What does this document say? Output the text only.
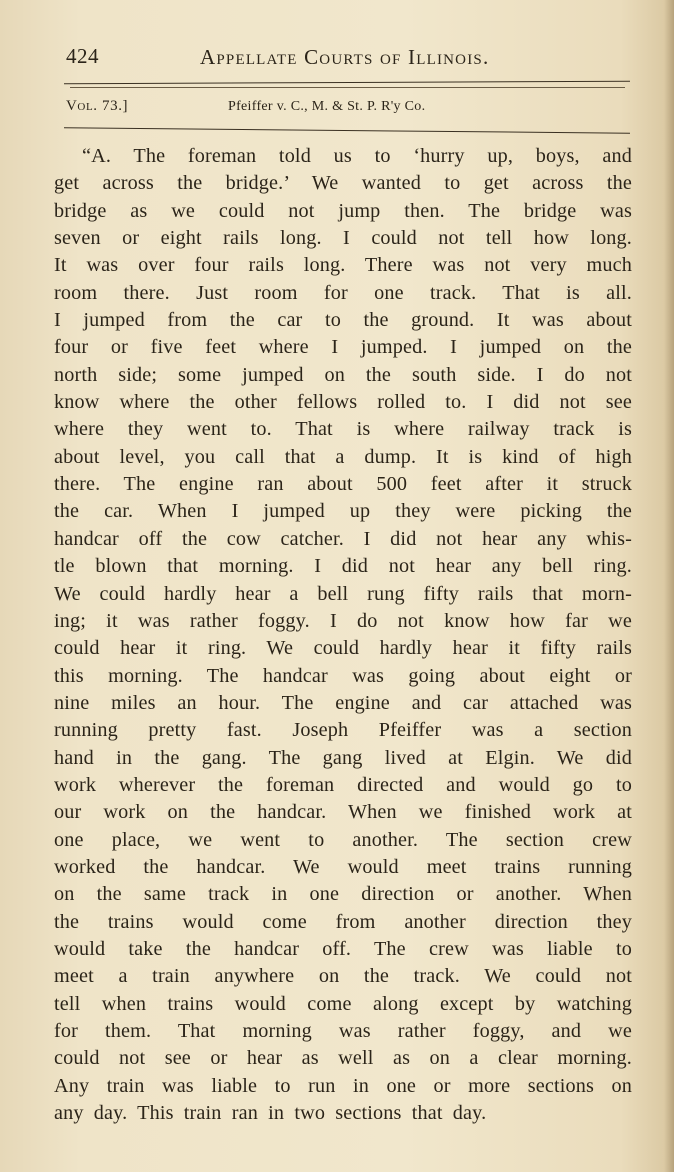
424	Appellate Courts of Illinois.
Vol. 73.]	Pfeiffer v. C., M. & St. P. R'y Co.
“A. The foreman told us to ‘hurry up, boys, and
get across the bridge.’ We wanted to get across the
bridge as we could not jump then. The bridge was
seven or eight rails long. I could not tell how long.
It was over four rails long. There was not very much
room there. Just room for one track. That is all.
I jumped from the car to the ground. It was about
four or five feet where I jumped. I jumped on the
north side; some jumped on the south side. I do not
know where the other fellows rolled to. I did not see
where they went to. That is where railway track is
about level, you call that a dump. It is kind of high
there. The engine ran about 500 feet after it struck
the car. When I jumped up they were picking the
handcar off the cow catcher. I did not hear any whis-
tle blown that morning. I did not hear any bell ring.
We could hardly hear a bell rung fifty rails that morn-
ing; it was rather foggy. I do not know how far we
could hear it ring. We could hardly hear it fifty rails
this morning. The handcar was going about eight or
nine miles an hour. The engine and car attached was
running pretty fast. Joseph Pfeiffer was a section
hand in the gang. The gang lived at Elgin. We did
work wherever the foreman directed and would go to
our work on the handcar. When we finished work at
one place, we went to another. The section crew
worked the handcar. We would meet trains running
on the same track in one direction or another. When
the trains would come from another direction they
would take the handcar off. The crew was liable to
meet a train anywhere on the track. We could not
tell when trains would come along except by watching
for them. That morning was rather foggy, and we
could not see or hear as well as on a clear morning.
Any train was liable to run in one or more sections on
any day. This train ran in two sections that day.
